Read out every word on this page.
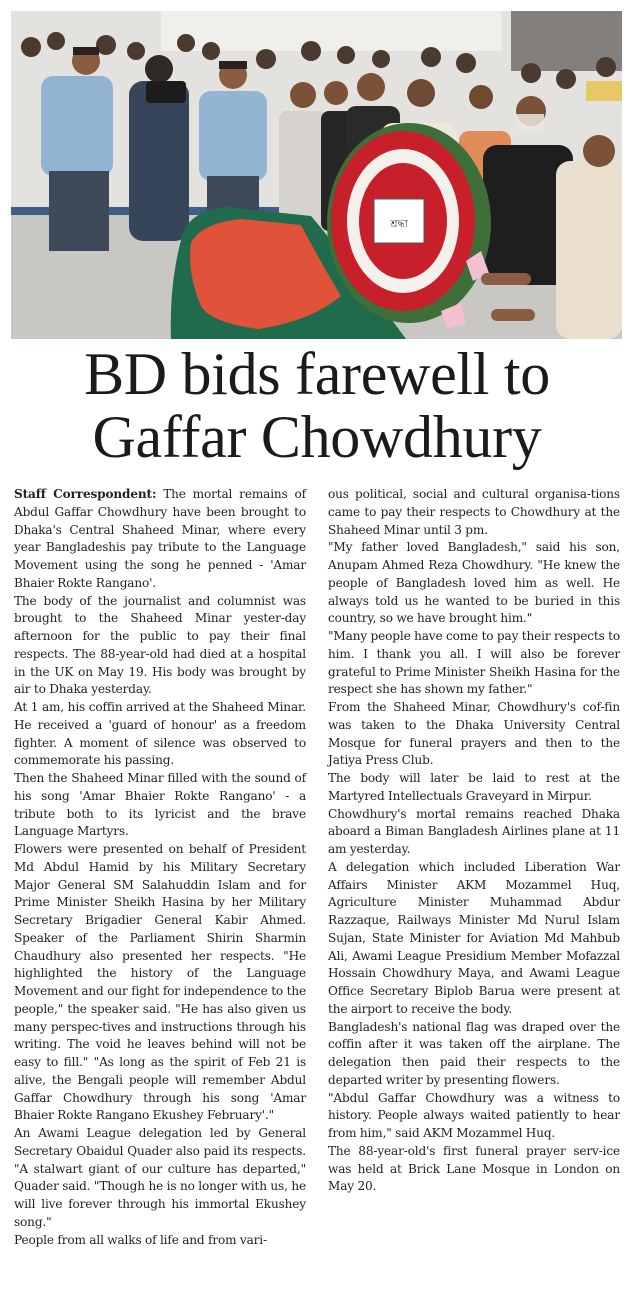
শ্রদ্ধা
BD bids farewell to
Gaffar Chowdhury

Staff Correspondent: The mortal remains of Abdul Gaffar Chowdhury have been brought to Dhaka's Central Shaheed Minar, where every year Bangladeshis pay tribute to the Language Movement using the song he penned - 'Amar Bhaier Rokte Rangano'.

The body of the journalist and columnist was brought to the Shaheed Minar yester-day afternoon for the public to pay their final respects. The 88-year-old had died at a hospital in the UK on May 19. His body was brought by air to Dhaka yesterday.

At 1 am, his coffin arrived at the Shaheed Minar. He received a 'guard of honour' as a freedom fighter. A moment of silence was observed to commemorate his passing.

Then the Shaheed Minar filled with the sound of his song 'Amar Bhaier Rokte Rangano' - a tribute both to its lyricist and the brave Language Martyrs.

Flowers were presented on behalf of President Md Abdul Hamid by his Military Secretary Major General SM Salahuddin Islam and for Prime Minister Sheikh Hasina by her Military Secretary Brigadier General Kabir Ahmed. Speaker of the Parliament Shirin Sharmin Chaudhury also presented her respects. "He highlighted the history of the Language Movement and our fight for independence to the people," the speaker said. "He has also given us many perspec-tives and instructions through his writing. The void he leaves behind will not be easy to fill." "As long as the spirit of Feb 21 is alive, the Bengali people will remember Abdul Gaffar Chowdhury through his song 'Amar Bhaier Rokte Rangano Ekushey February'."

An Awami League delegation led by General Secretary Obaidul Quader also paid its respects. "A stalwart giant of our culture has departed," Quader said. "Though he is no longer with us, he will live forever through his immortal Ekushey song."

People from all walks of life and from vari-

ous political, social and cultural organisa-tions came to pay their respects to Chowdhury at the Shaheed Minar until 3 pm.

"My father loved Bangladesh," said his son, Anupam Ahmed Reza Chowdhury. "He knew the people of Bangladesh loved him as well. He always told us he wanted to be buried in this country, so we have brought him."

"Many people have come to pay their respects to him. I thank you all. I will also be forever grateful to Prime Minister Sheikh Hasina for the respect she has shown my father."

From the Shaheed Minar, Chowdhury's cof-fin was taken to the Dhaka University Central Mosque for funeral prayers and then to the Jatiya Press Club.

The body will later be laid to rest at the Martyred Intellectuals Graveyard in Mirpur.

Chowdhury's mortal remains reached Dhaka aboard a Biman Bangladesh Airlines plane at 11 am yesterday.

A delegation which included Liberation War Affairs Minister AKM Mozammel Huq, Agriculture Minister Muhammad Abdur Razzaque, Railways Minister Md Nurul Islam Sujan, State Minister for Aviation Md Mahbub Ali, Awami League Presidium Member Mofazzal Hossain Chowdhury Maya, and Awami League Office Secretary Biplob Barua were present at the airport to receive the body.

Bangladesh's national flag was draped over the coffin after it was taken off the airplane. The delegation then paid their respects to the departed writer by presenting flowers.

"Abdul Gaffar Chowdhury was a witness to history. People always waited patiently to hear from him," said AKM Mozammel Huq.

The 88-year-old's first funeral prayer serv-ice was held at Brick Lane Mosque in London on May 20.
